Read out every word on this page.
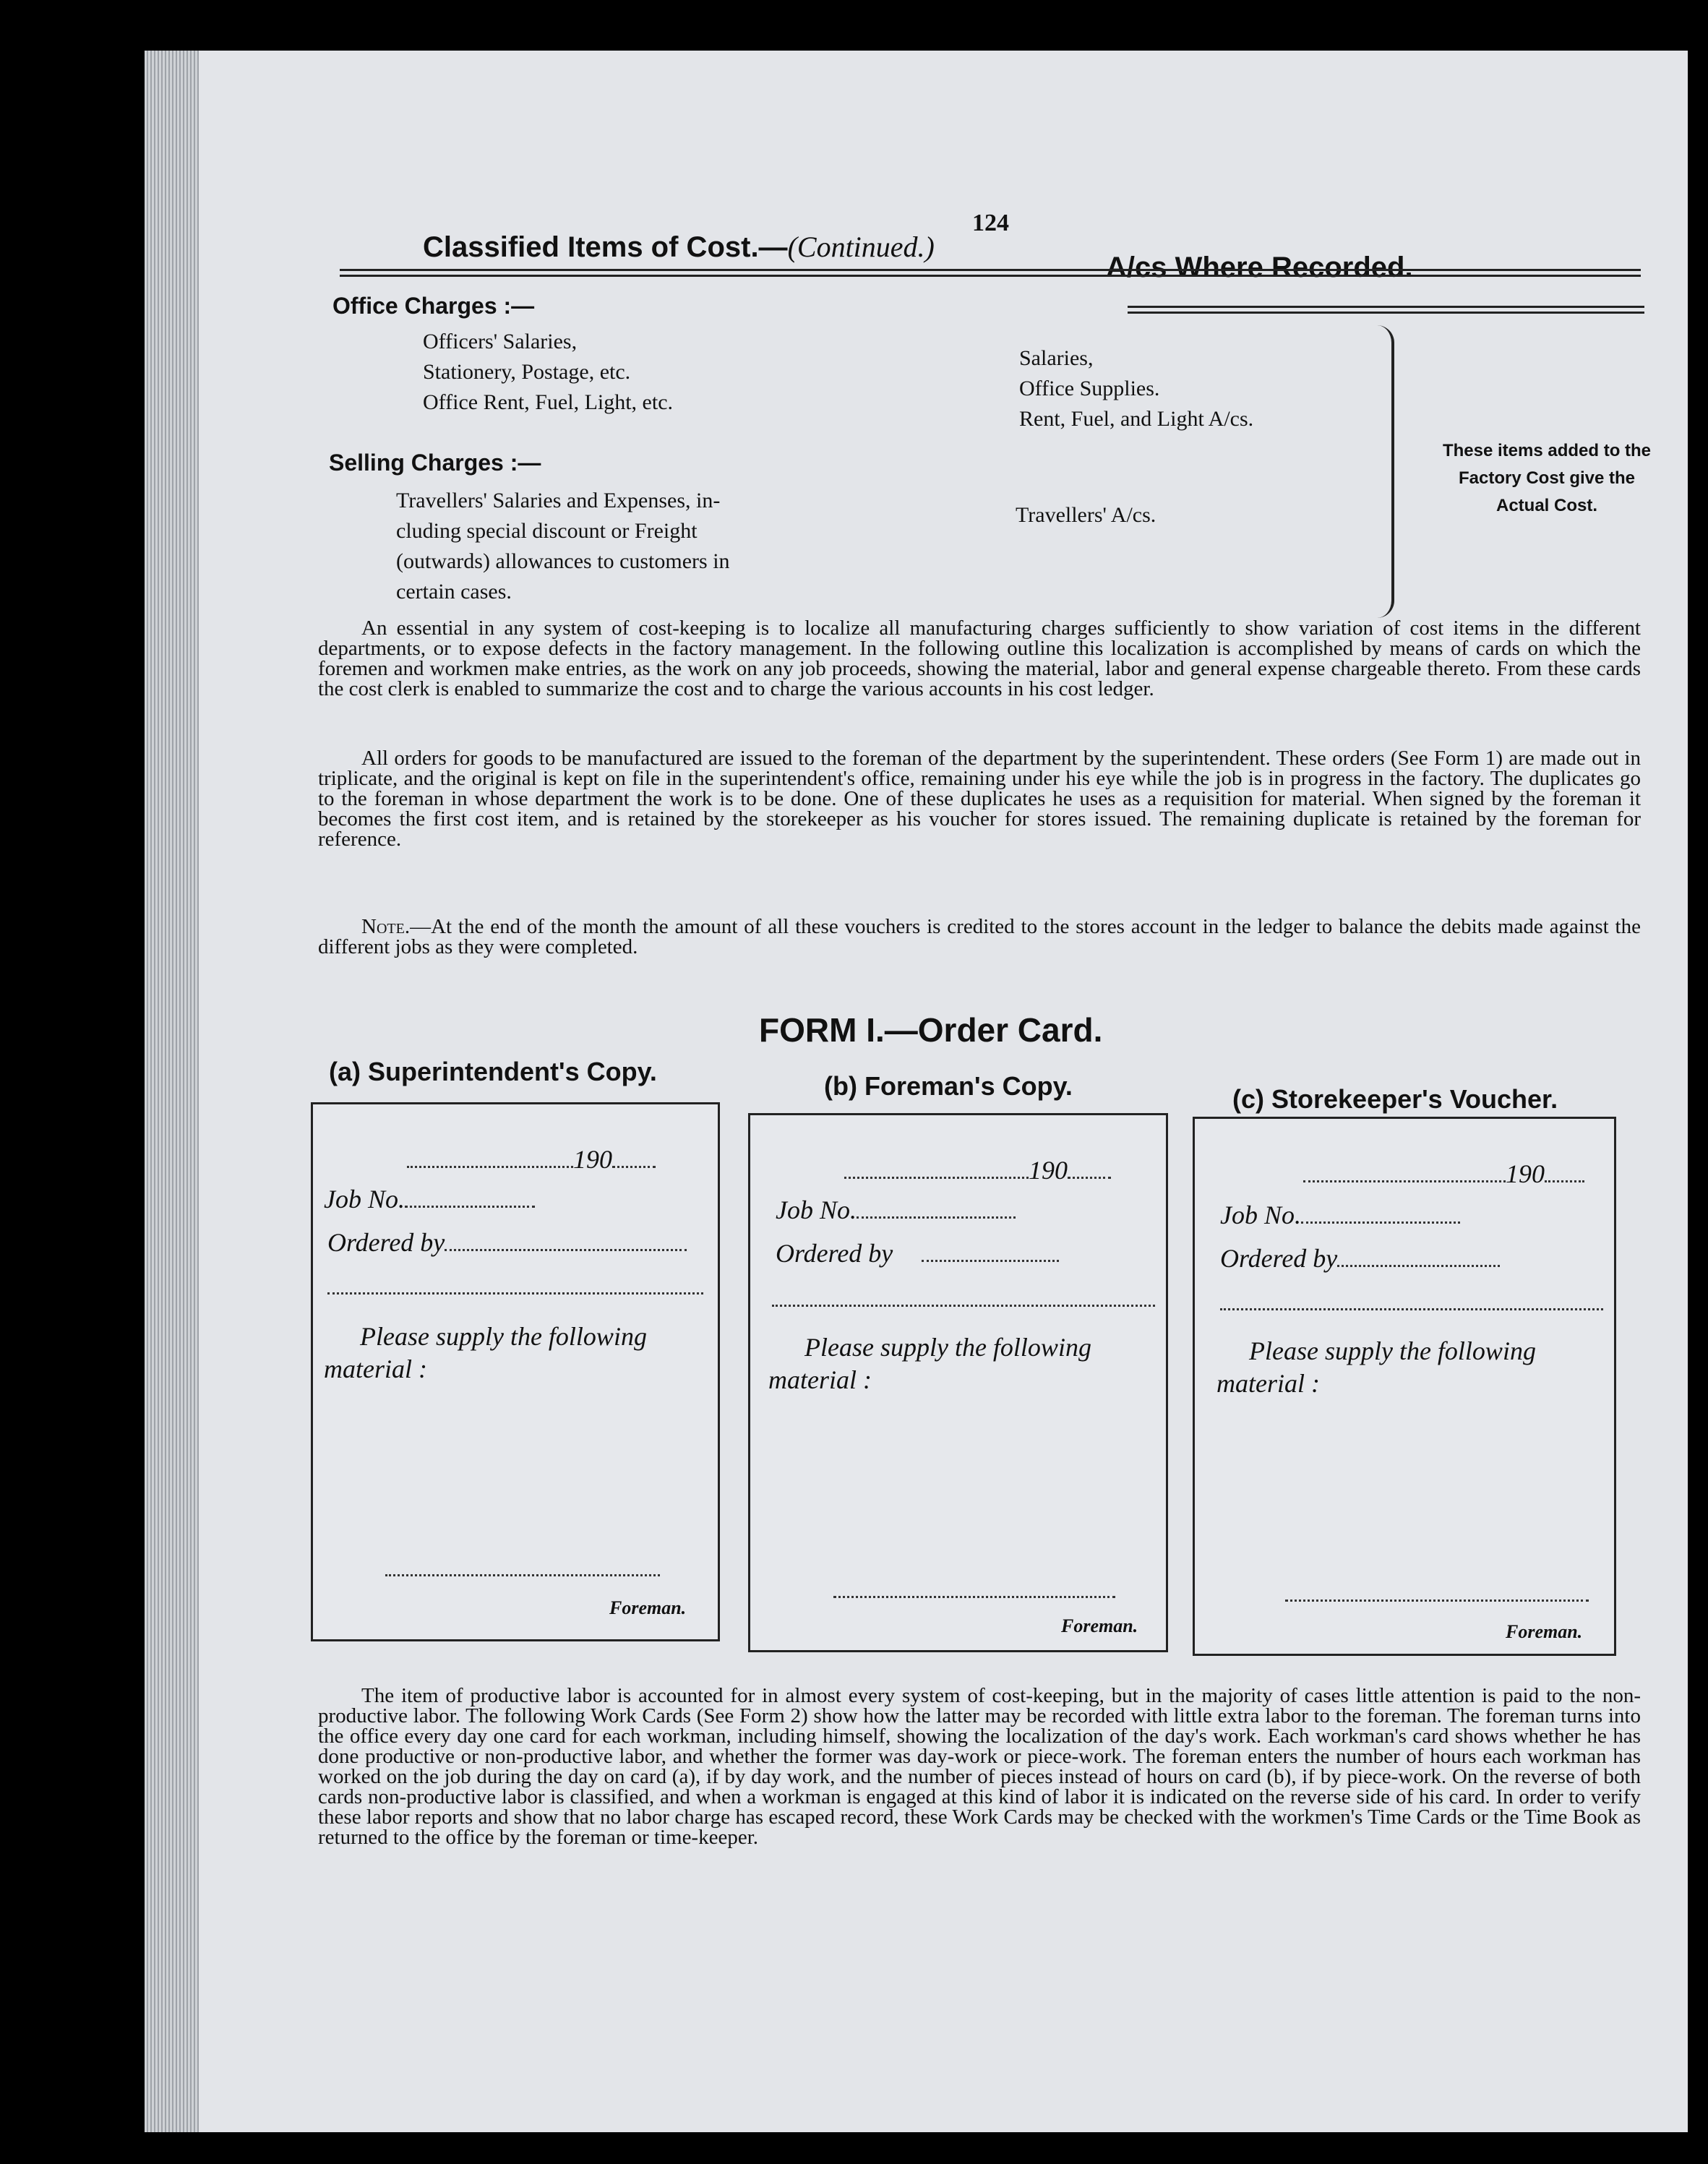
124
Classified Items of Cost.—(Continued.)
A/cs Where Recorded.
Office Charges :—
Officers' Salaries,
Stationery, Postage, etc.
Office Rent, Fuel, Light, etc.
Salaries,
Office Supplies.
Rent, Fuel, and Light A/cs.
Selling Charges :—
Travellers' Salaries and Expenses, in-
cluding special discount or Freight
(outwards) allowances to customers in
certain cases.
Travellers' A/cs.
These items added to the Factory Cost give the Actual Cost.

An essential in any system of cost-keeping is to localize all manufacturing charges sufficiently to show variation of cost items in the different departments, or to expose defects in the factory management. In the following outline this localization is accomplished by means of cards on which the foremen and workmen make entries, as the work on any job proceeds, showing the material, labor and general expense chargeable thereto. From these cards the cost clerk is enabled to summarize the cost and to charge the various accounts in his cost ledger.

All orders for goods to be manufactured are issued to the foreman of the department by the superintendent. These orders (See Form 1) are made out in triplicate, and the original is kept on file in the superintendent's office, remaining under his eye while the job is in progress in the factory. The duplicates go to the foreman in whose department the work is to be done. One of these duplicates he uses as a requisition for material. When signed by the foreman it becomes the first cost item, and is retained by the storekeeper as his voucher for stores issued. The remaining duplicate is retained by the foreman for reference.

Note.—At the end of the month the amount of all these vouchers is credited to the stores account in the ledger to balance the debits made against the different jobs as they were completed.

FORM I.—Order Card.
(a) Superintendent's Copy.	(b) Foreman's Copy.	(c) Storekeeper's Voucher.
190
Job No.
Ordered by
Please supply the following
material :
Foreman.
190
Job No.
Ordered by
Please supply the following
material :
Foreman.
190
Job No.
Ordered by
Please supply the following
material :
Foreman.

The item of productive labor is accounted for in almost every system of cost-keeping, but in the majority of cases little attention is paid to the non-productive labor. The following Work Cards (See Form 2) show how the latter may be recorded with little extra labor to the foreman. The foreman turns into the office every day one card for each workman, including himself, showing the localization of the day's work. Each workman's card shows whether he has done productive or non-productive labor, and whether the former was day-work or piece-work. The foreman enters the number of hours each workman has worked on the job during the day on card (a), if by day work, and the number of pieces instead of hours on card (b), if by piece-work. On the reverse of both cards non-productive labor is classified, and when a workman is engaged at this kind of labor it is indicated on the reverse side of his card. In order to verify these labor reports and show that no labor charge has escaped record, these Work Cards may be checked with the workmen's Time Cards or the Time Book as returned to the office by the foreman or time-keeper.
